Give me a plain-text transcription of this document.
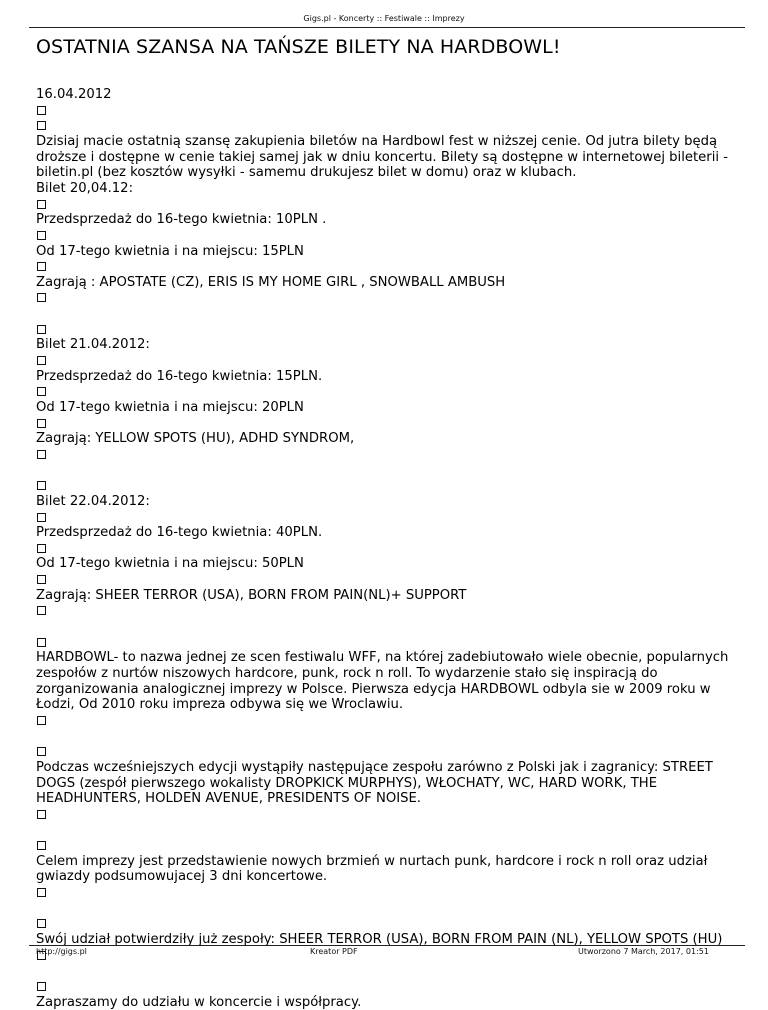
Gigs.pl - Koncerty :: Festiwale :: Imprezy
OSTATNIA SZANSA NA TAŃSZE BILETY NA HARDBOWL!
16.04.2012
Dzisiaj macie ostatnią szansę zakupienia biletów na Hardbowl fest w niższej cenie. Od jutra bilety będą droższe i dostępne w cenie takiej samej jak w dniu koncertu. Bilety są dostępne w internetowej bileterii - biletin.pl (bez kosztów wysyłki - samemu drukujesz bilet w domu) oraz w klubach.
Bilet 20,04.12:
Przedsprzedaż do 16-tego kwietnia: 10PLN .
Od 17-tego kwietnia i na miejscu: 15PLN
Zagrają : APOSTATE (CZ), ERIS IS MY HOME GIRL , SNOWBALL AMBUSH
Bilet 21.04.2012:
Przedsprzedaż do 16-tego kwietnia: 15PLN.
Od 17-tego kwietnia i na miejscu: 20PLN
Zagrają: YELLOW SPOTS (HU), ADHD SYNDROM,
Bilet 22.04.2012:
Przedsprzedaż do 16-tego kwietnia: 40PLN.
Od 17-tego kwietnia i na miejscu: 50PLN
Zagrają: SHEER TERROR (USA), BORN FROM PAIN(NL)+ SUPPORT
HARDBOWL- to nazwa jednej ze scen festiwalu WFF, na której zadebiutowało wiele obecnie, popularnych zespołów z nurtów niszowych hardcore, punk, rock n roll. To wydarzenie stało się inspiracją do zorganizowania analogicznej imprezy w Polsce. Pierwsza edycja HARDBOWL odbyla sie w 2009 roku w Łodzi, Od 2010 roku impreza odbywa się we Wroclawiu.
Podczas wcześniejszych edycji wystąpiły następujące zespołu zarówno z Polski jak i zagranicy: STREET DOGS (zespół pierwszego wokalisty DROPKICK MURPHYS), WŁOCHATY, WC, HARD WORK, THE HEADHUNTERS, HOLDEN AVENUE, PRESIDENTS OF NOISE.
Celem imprezy jest przedstawienie nowych brzmień w nurtach punk, hardcore i rock n roll oraz udział gwiazdy podsumowujacej 3 dni koncertowe.
Swój udział potwierdziły już zespoły: SHEER TERROR (USA), BORN FROM PAIN (NL), YELLOW SPOTS (HU)
Zapraszamy do udziału w koncercie i współpracy.
http://gigs.pl	Kreator PDF	Utworzono 7 March, 2017, 01:51
